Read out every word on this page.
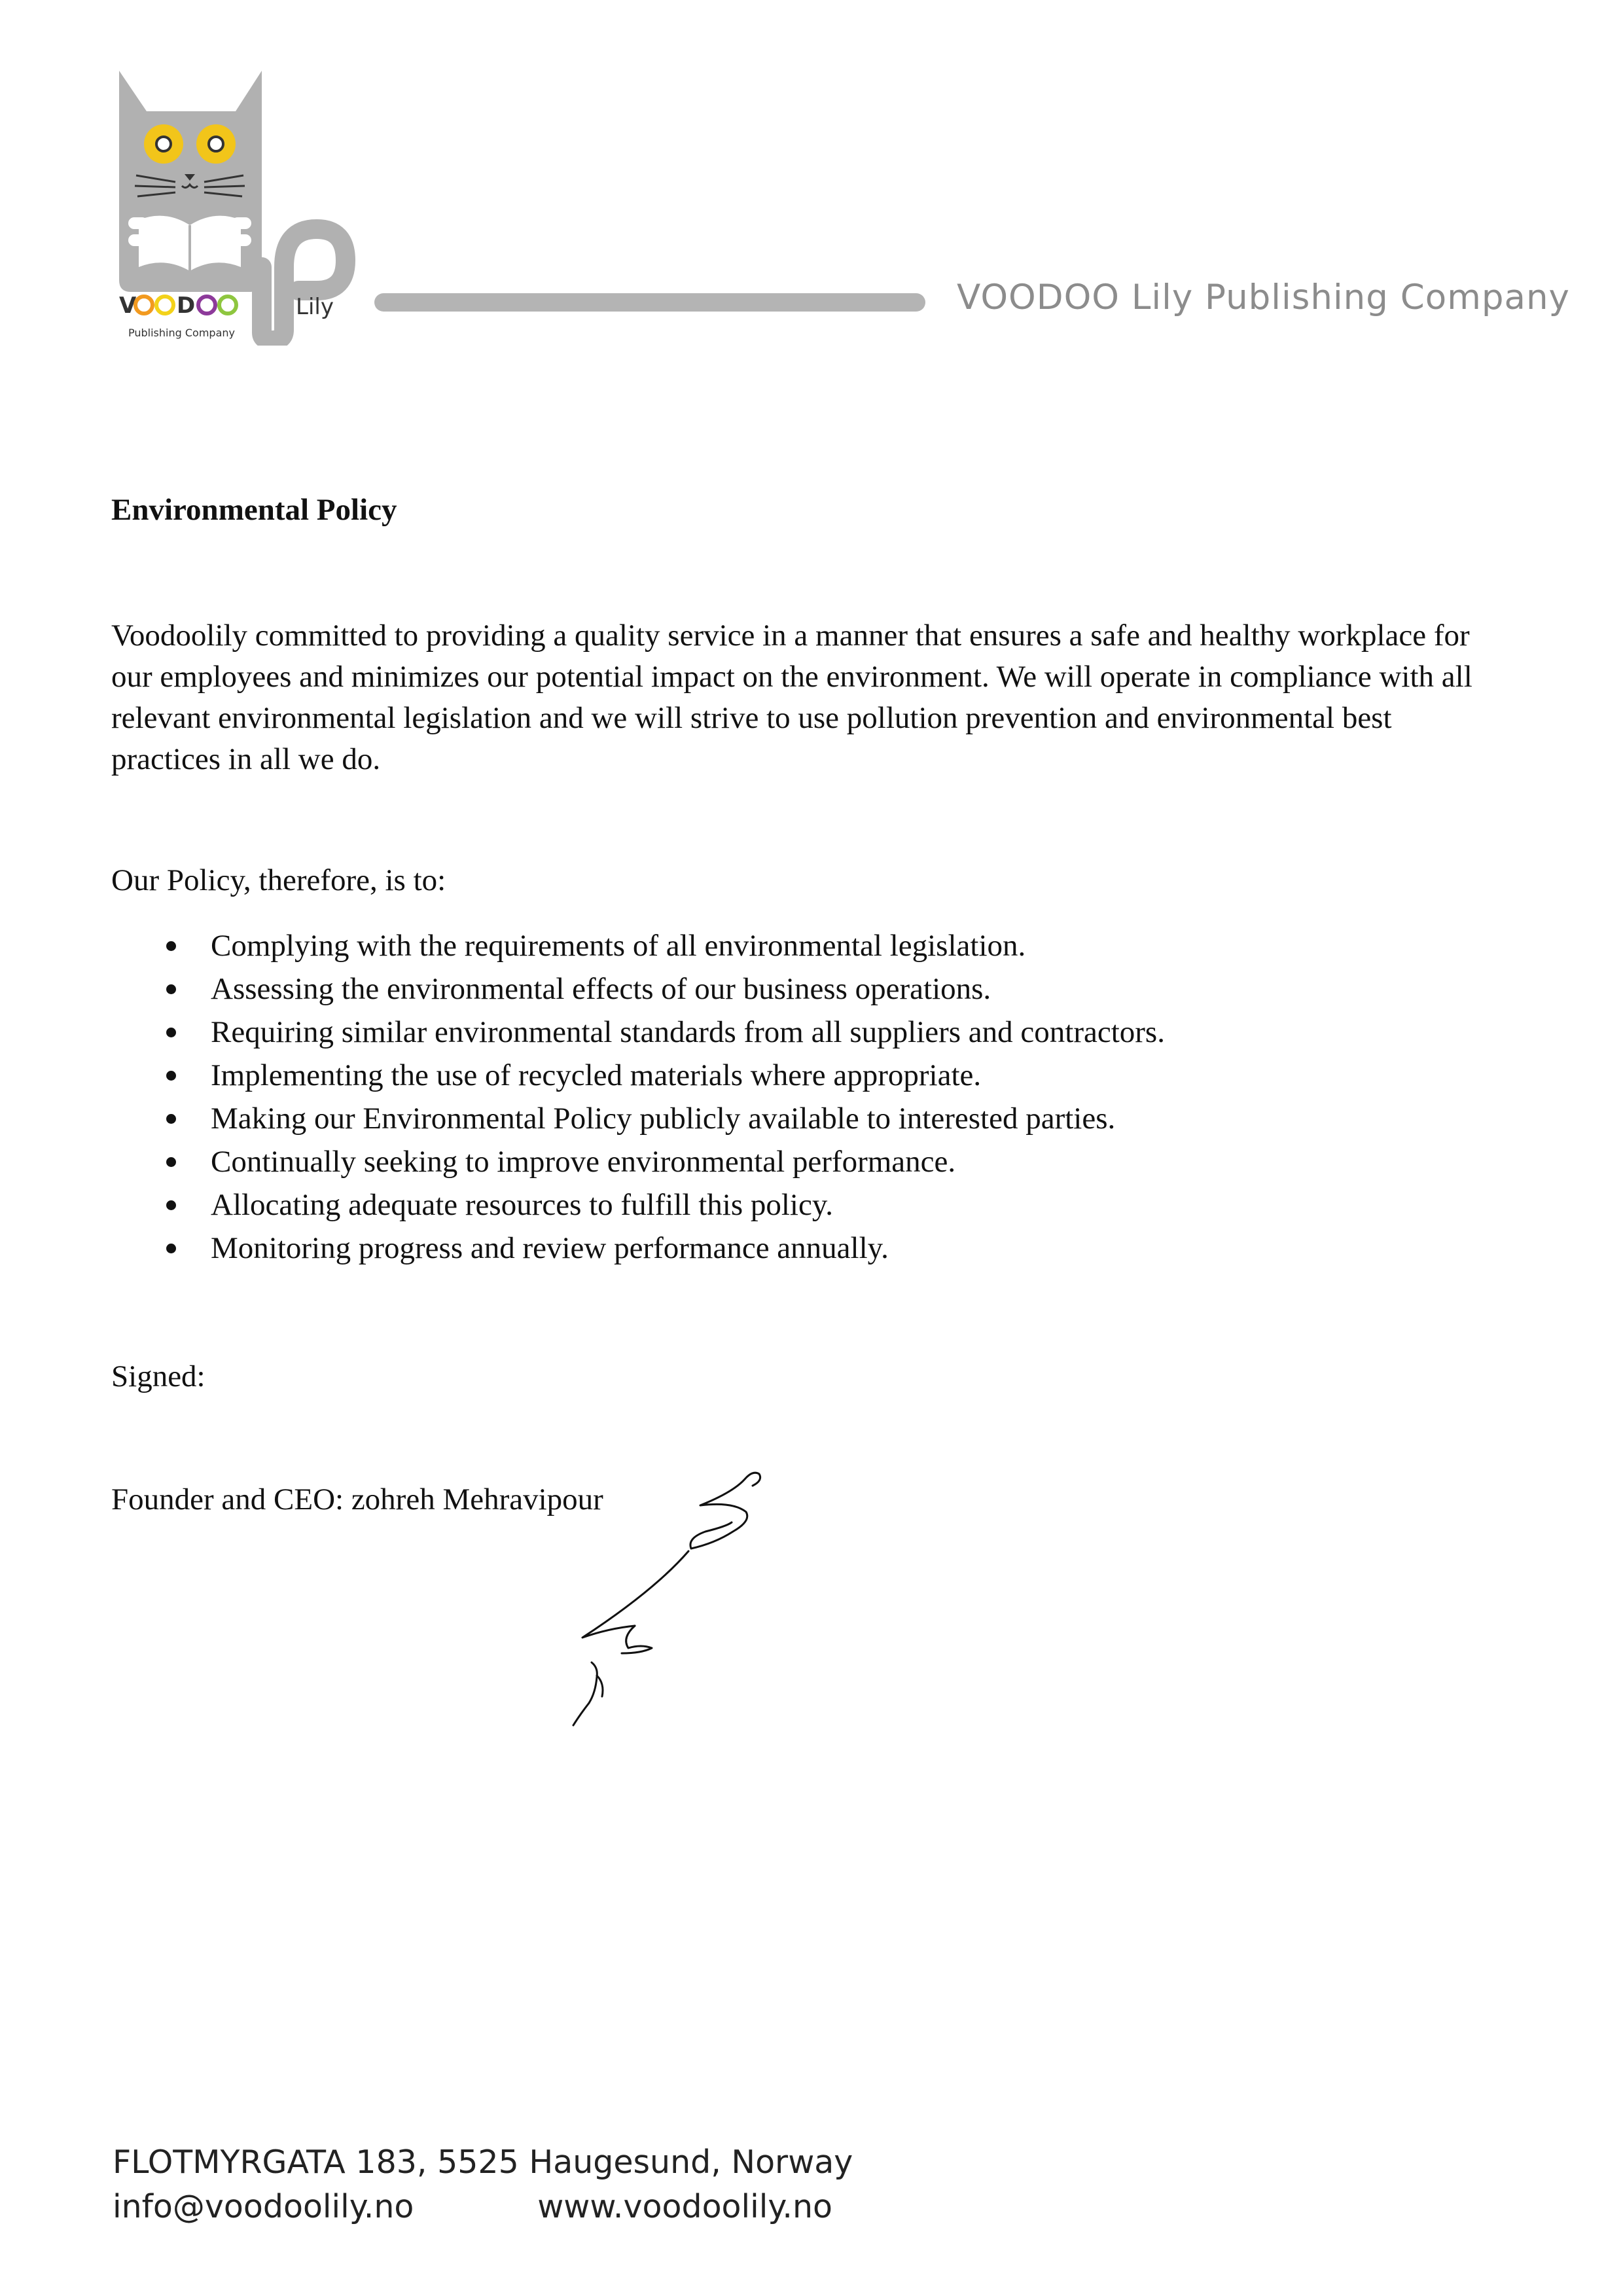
V D	Lily
Publishing Company
VOODOO Lily Publishing Company
Environmental Policy

Voodoolily committed to providing a quality service in a manner that ensures a safe and healthy workplace for our employees and minimizes our potential impact on the environment. We will operate in compliance with all relevant environmental legislation and we will strive to use pollution prevention and environmental best practices in all we do.

Our Policy, therefore, is to:

Complying with the requirements of all environmental legislation.
Assessing the environmental effects of our business operations.
Requiring similar environmental standards from all suppliers and contractors.
Implementing the use of recycled materials where appropriate.
Making our Environmental Policy publicly available to interested parties.
Continually seeking to improve environmental performance.
Allocating adequate resources to fulfill this policy.
Monitoring progress and review performance annually.

Signed:

Founder and CEO: zohreh Mehravipour

FLOTMYRGATA 183, 5525 Haugesund, Norway
info@voodoolily.no	www.voodoolily.no
